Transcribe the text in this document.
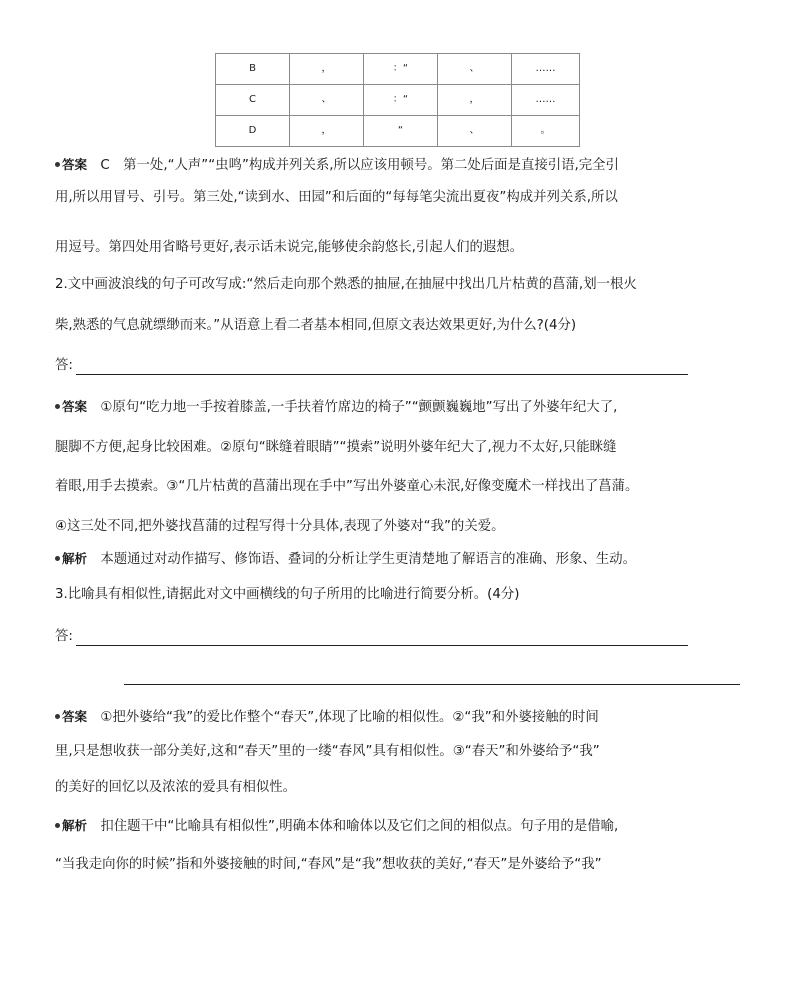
B	，	：“	、	……
C	、	：“	，	……
D	，	“	、	。
答案　 C　第一处,“人声”“虫鸣”构成并列关系,所以应该用顿号。第二处后面是直接引语,完全引
用,所以用冒号、引号。第三处,“读到水、田园”和后面的“每每笔尖流出夏夜”构成并列关系,所以
用逗号。第四处用省略号更好,表示话未说完,能够使余韵悠长,引起人们的遐想。
2.文中画波浪线的句子可改写成:“然后走向那个熟悉的抽屉,在抽屉中找出几片枯黄的菖蒲,划一根火
柴,熟悉的气息就缥缈而来。”从语意上看二者基本相同,但原文表达效果更好,为什么?(4分)
答:
答案　 ①原句“吃力地一手按着膝盖,一手扶着竹席边的椅子”“颤颤巍巍地”写出了外婆年纪大了,
腿脚不方便,起身比较困难。②原句“眯缝着眼睛”“摸索”说明外婆年纪大了,视力不太好,只能眯缝
着眼,用手去摸索。③“几片枯黄的菖蒲出现在手中”写出外婆童心未泯,好像变魔术一样找出了菖蒲。
④这三处不同,把外婆找菖蒲的过程写得十分具体,表现了外婆对“我”的关爱。
解析　 本题通过对动作描写、修饰语、叠词的分析让学生更清楚地了解语言的准确、形象、生动。
3.比喻具有相似性,请据此对文中画横线的句子所用的比喻进行简要分析。(4分)
答:
答案　 ①把外婆给“我”的爱比作整个“春天”,体现了比喻的相似性。②“我”和外婆接触的时间
里,只是想收获一部分美好,这和“春天”里的一缕“春风”具有相似性。③“春天”和外婆给予“我”
的美好的回忆以及浓浓的爱具有相似性。
解析　 扣住题干中“比喻具有相似性”,明确本体和喻体以及它们之间的相似点。句子用的是借喻,
“当我走向你的时候”指和外婆接触的时间,“春风”是“我”想收获的美好,“春天”是外婆给予“我”
